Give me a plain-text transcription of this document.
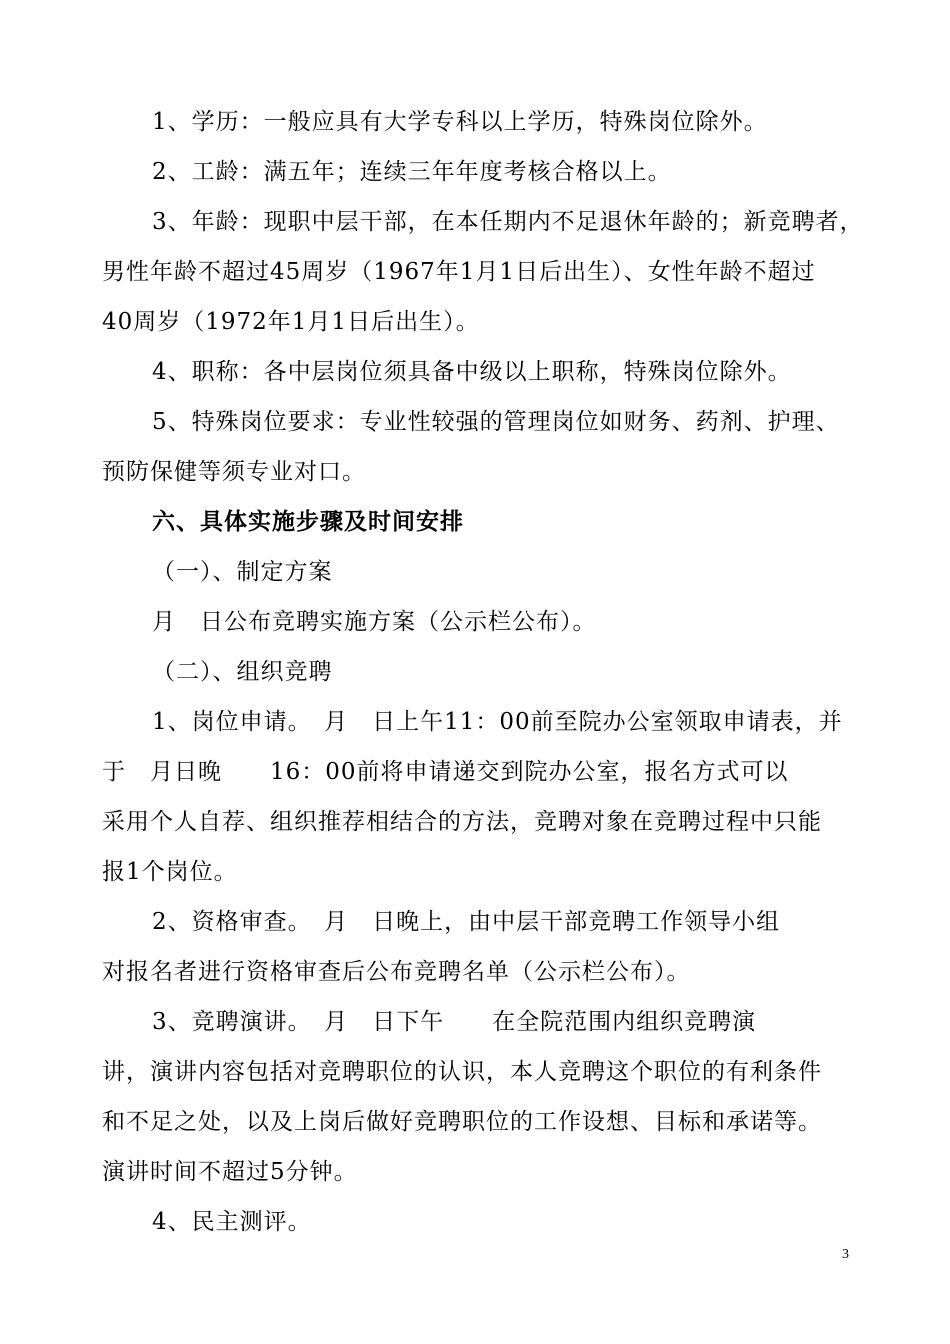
1、学历：一般应具有大学专科以上学历，特殊岗位除外。
2、工龄：满五年；连续三年年度考核合格以上。
3、年龄：现职中层干部，在本任期内不足退休年龄的；新竞聘者，
男性年龄不超过45周岁（1967年1月1日后出生）、女性年龄不超过
40周岁（1972年1月1日后出生）。
4、职称：各中层岗位须具备中级以上职称，特殊岗位除外。
5、特殊岗位要求：专业性较强的管理岗位如财务、药剂、护理、
预防保健等须专业对口。
六、具体实施步骤及时间安排
（一）、制定方案
月　日公布竞聘实施方案（公示栏公布）。
（二）、组织竞聘
1、岗位申请。　月　日上午11：00前至院办公室领取申请表，并
于　月日晚　　16：00前将申请递交到院办公室，报名方式可以
采用个人自荐、组织推荐相结合的方法，竞聘对象在竞聘过程中只能
报1个岗位。
2、资格审查。　月　日晚上，由中层干部竞聘工作领导小组
对报名者进行资格审查后公布竞聘名单（公示栏公布）。
3、竞聘演讲。　月　日下午　　在全院范围内组织竞聘演
讲，演讲内容包括对竞聘职位的认识，本人竞聘这个职位的有利条件
和不足之处，以及上岗后做好竞聘职位的工作设想、目标和承诺等。
演讲时间不超过5分钟。
4、民主测评。
3
